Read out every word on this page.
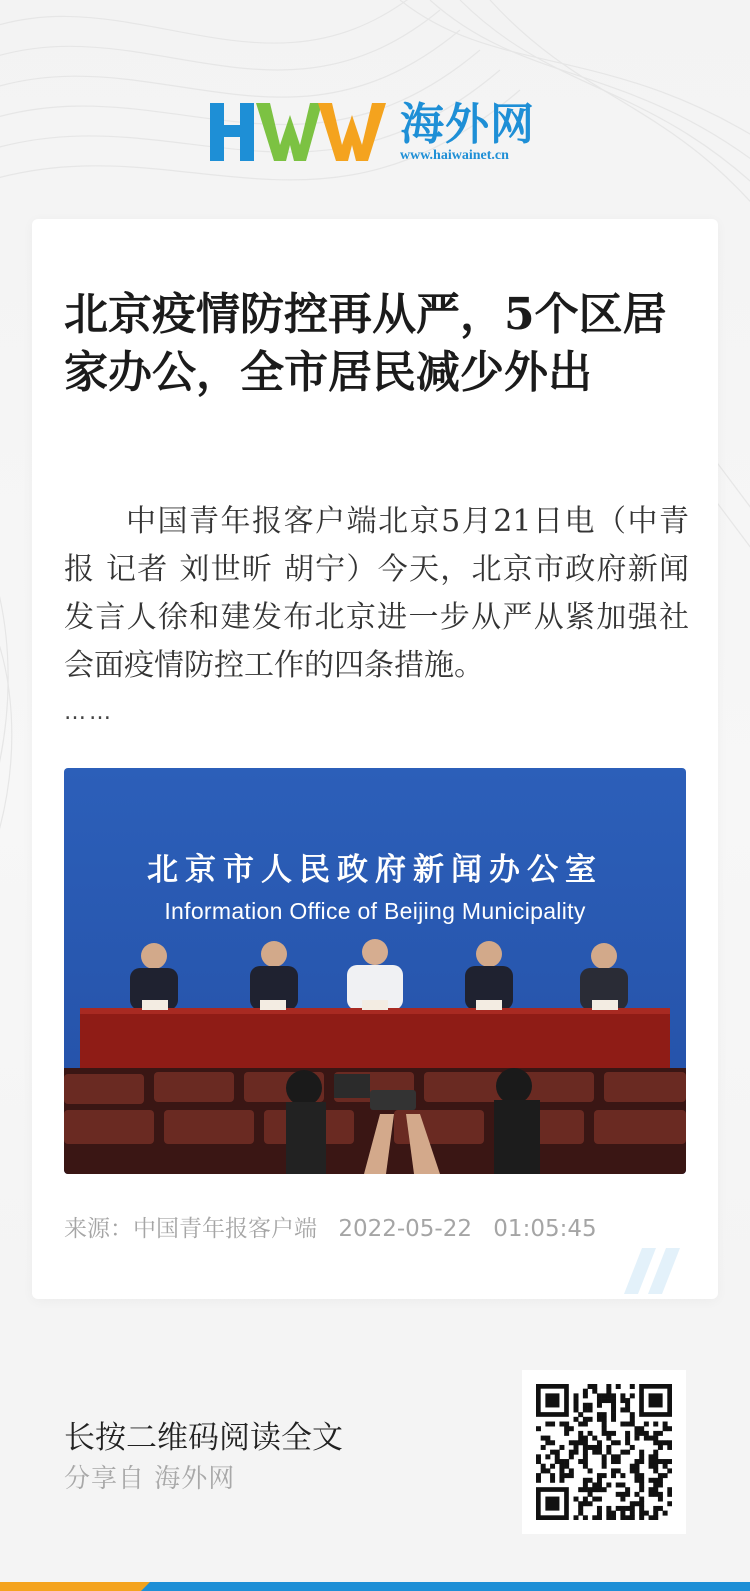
海外网
www.haiwainet.cn
北京疫情防控再从严，5个区居家办公，全市居民减少外出

中国青年报客户端北京5月21日电（中青报 记者 刘世昕 胡宁）今天，北京市政府新闻发言人徐和建发布北京进一步从严从紧加强社会面疫情防控工作的四条措施。

……
北京市人民政府新闻办公室
Information Office of Beijing Municipality
来源：中国青年报客户端 2022-05-22 01:05:45
长按二维码阅读全文
分享自 海外网
